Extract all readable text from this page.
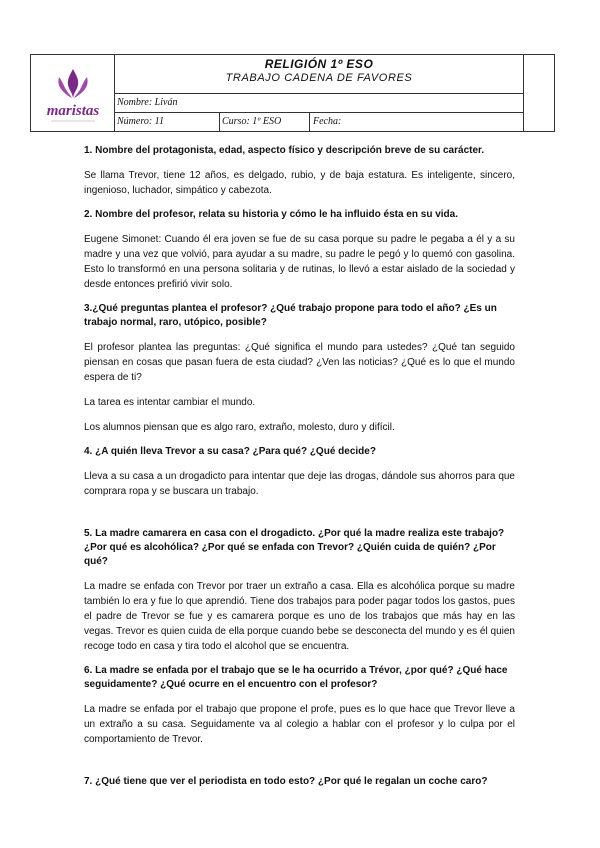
maristas
RELIGIÓN 1º ESO
TRABAJO CADENA DE FAVORES
Nombre: Liván
Número: 11	Curso: 1º ESO	Fecha:

1. Nombre del protagonista, edad, aspecto físico y descripción breve de su carácter.

Se llama Trevor, tiene 12 años, es delgado, rubio, y de baja estatura. Es inteligente, sincero, ingenioso, luchador, simpático y cabezota.

2. Nombre del profesor, relata su historia y cómo le ha influido ésta en su vida.

Eugene Simonet: Cuando él era joven se fue de su casa porque su padre le pegaba a él y a su madre y una vez que volvió, para ayudar a su madre, su padre le pegó y lo quemó con gasolina. Esto lo transformó en una persona solitaria y de rutinas, lo llevó a estar aislado de la sociedad y desde entonces prefirió vivir solo.

3.¿Qué preguntas plantea el profesor? ¿Qué trabajo propone para todo el año? ¿Es un trabajo normal, raro, utópico, posible?

El profesor plantea las preguntas: ¿Qué significa el mundo para ustedes? ¿Qué tan seguido piensan en cosas que pasan fuera de esta ciudad? ¿Ven las noticias? ¿Qué es lo que el mundo espera de ti?

La tarea es intentar cambiar el mundo.

Los alumnos piensan que es algo raro, extraño, molesto, duro y difícil.

4. ¿A quién lleva Trevor a su casa? ¿Para qué? ¿Qué decide?

Lleva a su casa a un drogadicto para intentar que deje las drogas, dándole sus ahorros para que comprara ropa y se buscara un trabajo.

5. La madre camarera en casa con el drogadicto. ¿Por qué la madre realiza este trabajo? ¿Por qué es alcohólica? ¿Por qué se enfada con Trevor? ¿Quién cuida de quién? ¿Por qué?

La madre se enfada con Trevor por traer un extraño a casa. Ella es alcohólica porque su madre también lo era y fue lo que aprendió. Tiene dos trabajos para poder pagar todos los gastos, pues el padre de Trevor se fue y es camarera porque es uno de los trabajos que más hay en las vegas. Trevor es quien cuida de ella porque cuando bebe se desconecta del mundo y es él quien recoge todo en casa y tira todo el alcohol que se encuentra.

6. La madre se enfada por el trabajo que se le ha ocurrido a Trévor, ¿por qué? ¿Qué hace seguidamente? ¿Qué ocurre en el encuentro con el profesor?

La madre se enfada por el trabajo que propone el profe, pues es lo que hace que Trevor lleve a un extraño a su casa. Seguidamente va al colegio a hablar con el profesor y lo culpa por el comportamiento de Trevor.

7. ¿Qué tiene que ver el periodista en todo esto? ¿Por qué le regalan un coche caro?
